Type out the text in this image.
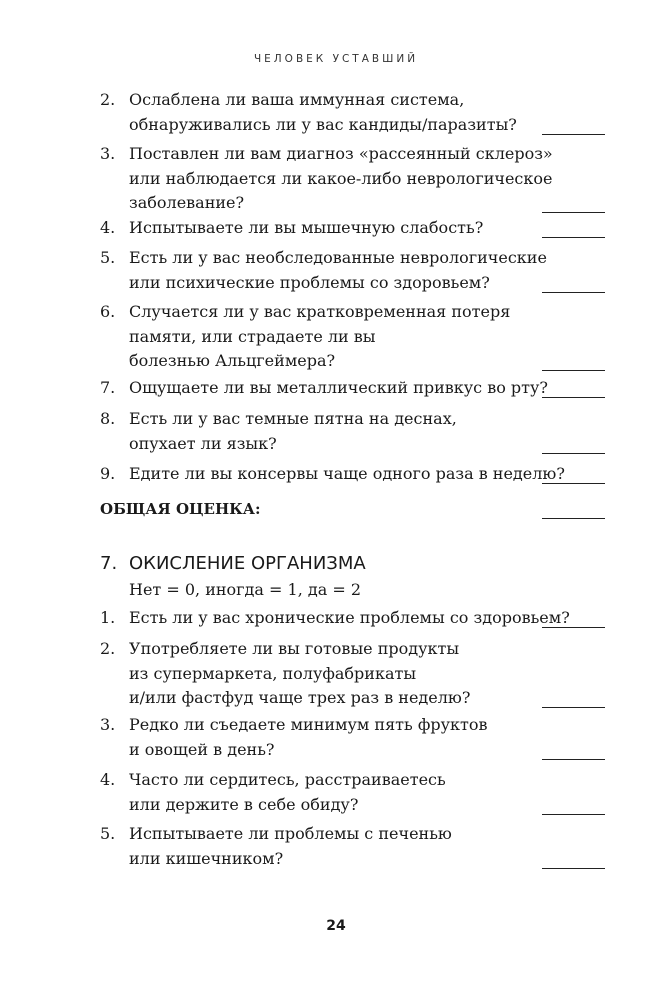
ЧЕЛОВЕК УСТАВШИЙ
2. Ослаблена ли ваша иммунная система,
обнаруживались ли у вас кандиды/паразиты?
3. Поставлен ли вам диагноз «рассеянный склероз»
или наблюдается ли какое-либо неврологическое
заболевание?
4. Испытываете ли вы мышечную слабость?
5. Есть ли у вас необследованные неврологические
или психические проблемы со здоровьем?
6. Случается ли у вас кратковременная потеря
памяти, или страдаете ли вы
болезнью Альцгеймера?
7. Ощущаете ли вы металлический привкус во рту?
8. Есть ли у вас темные пятна на деснах,
опухает ли язык?
9. Едите ли вы консервы чаще одного раза в неделю?
ОБЩАЯ ОЦЕНКА:
7. ОКИСЛЕНИЕ ОРГАНИЗМА
Нет = 0, иногда = 1, да = 2
1. Есть ли у вас хронические проблемы со здоровьем?
2. Употребляете ли вы готовые продукты
из супермаркета, полуфабрикаты
и/или фастфуд чаще трех раз в неделю?
3. Редко ли съедаете минимум пять фруктов
и овощей в день?
4. Часто ли сердитесь, расстраиваетесь
или держите в себе обиду?
5. Испытываете ли проблемы с печенью
или кишечником?
24
